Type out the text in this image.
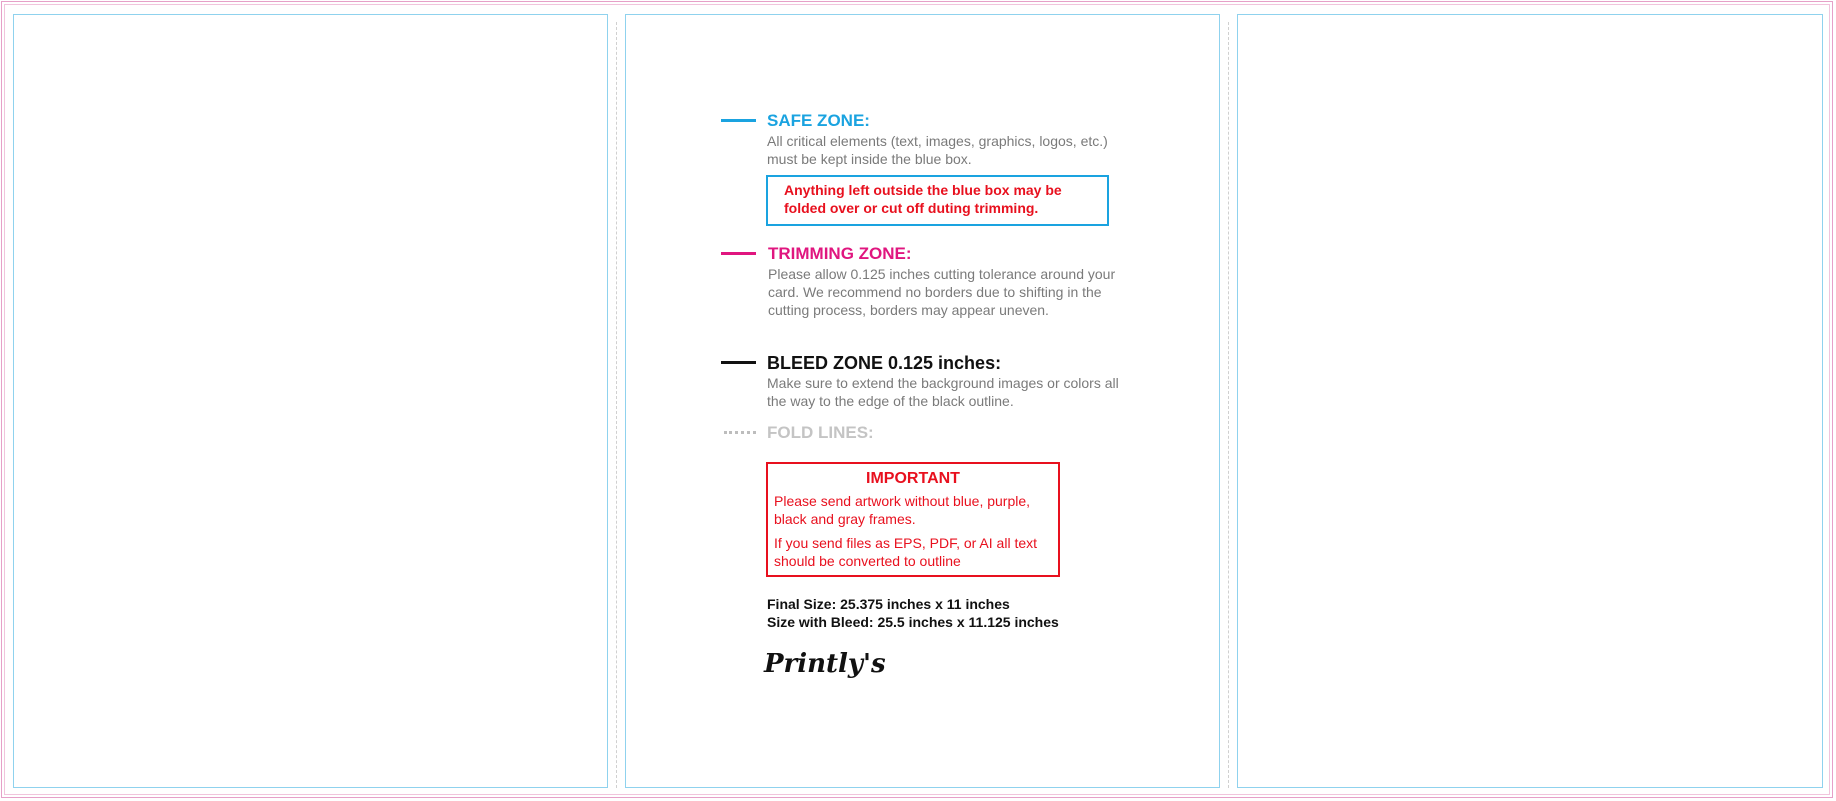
SAFE ZONE:
All critical elements (text, images, graphics, logos, etc.) must be kept inside the blue box.
Anything left outside the blue box may be folded over or cut off duting trimming.
TRIMMING ZONE:
Please allow 0.125 inches cutting tolerance around your card. We recommend no borders due to shifting in the cutting process, borders may appear uneven.
BLEED ZONE 0.125 inches:
Make sure to extend the background images or colors all the way to the edge of the black outline.
FOLD LINES:
IMPORTANT
Please send artwork without blue, purple, black and gray frames.
If you send files as EPS, PDF, or AI all text should be converted to outline
Final Size: 25.375 inches x 11 inches
Size with Bleed: 25.5 inches x 11.125 inches
Printly's
